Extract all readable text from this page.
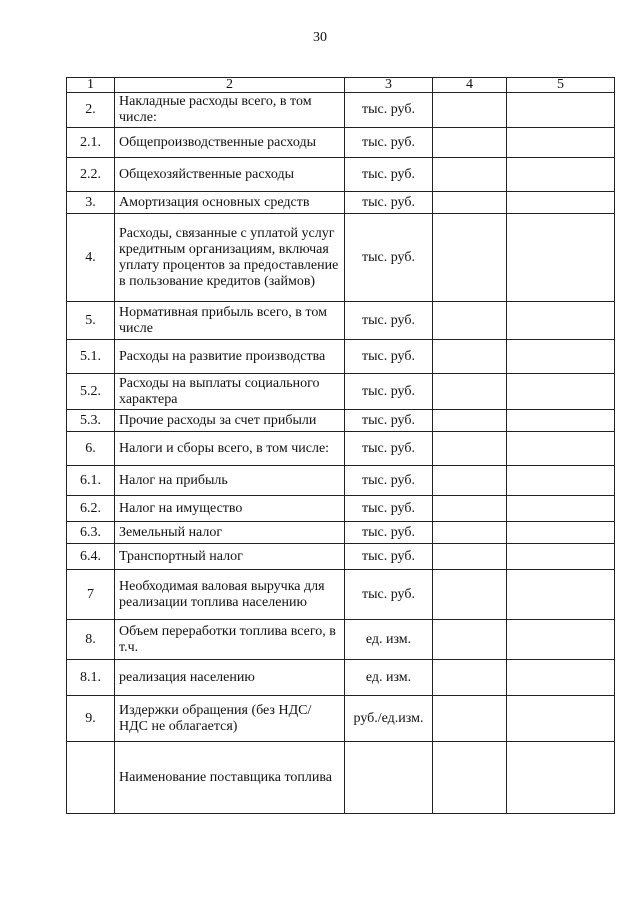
30
1	2	3	4	5
2.	Накладные расходы всего, в том числе:	тыс. руб.		
2.1.	Общепроизводственные расходы	тыс. руб.		
2.2.	Общехозяйственные расходы	тыс. руб.		
3.	Амортизация основных средств	тыс. руб.		
4.	Расходы, связанные с уплатой услуг кредитным организациям, включая уплату процентов за предоставление в пользование кредитов (займов)	тыс. руб.		
5.	Нормативная прибыль всего, в том числе	тыс. руб.		
5.1.	Расходы на развитие производства	тыс. руб.		
5.2.	Расходы на выплаты социального характера	тыс. руб.		
5.3.	Прочие расходы за счет прибыли	тыс. руб.		
6.	Налоги и сборы всего, в том числе:	тыс. руб.		
6.1.	Налог на прибыль	тыс. руб.		
6.2.	Налог на имущество	тыс. руб.		
6.3.	Земельный налог	тыс. руб.		
6.4.	Транспортный налог	тыс. руб.		
7	Необходимая валовая выручка для реализации топлива населению	тыс. руб.		
8.	Объем переработки топлива всего, в т.ч.	ед. изм.		
8.1.	реализация населению	ед. изм.		
9.	Издержки обращения (без НДС/НДС не облагается)	руб./ед.изм.		
	Наименование поставщика топлива			
